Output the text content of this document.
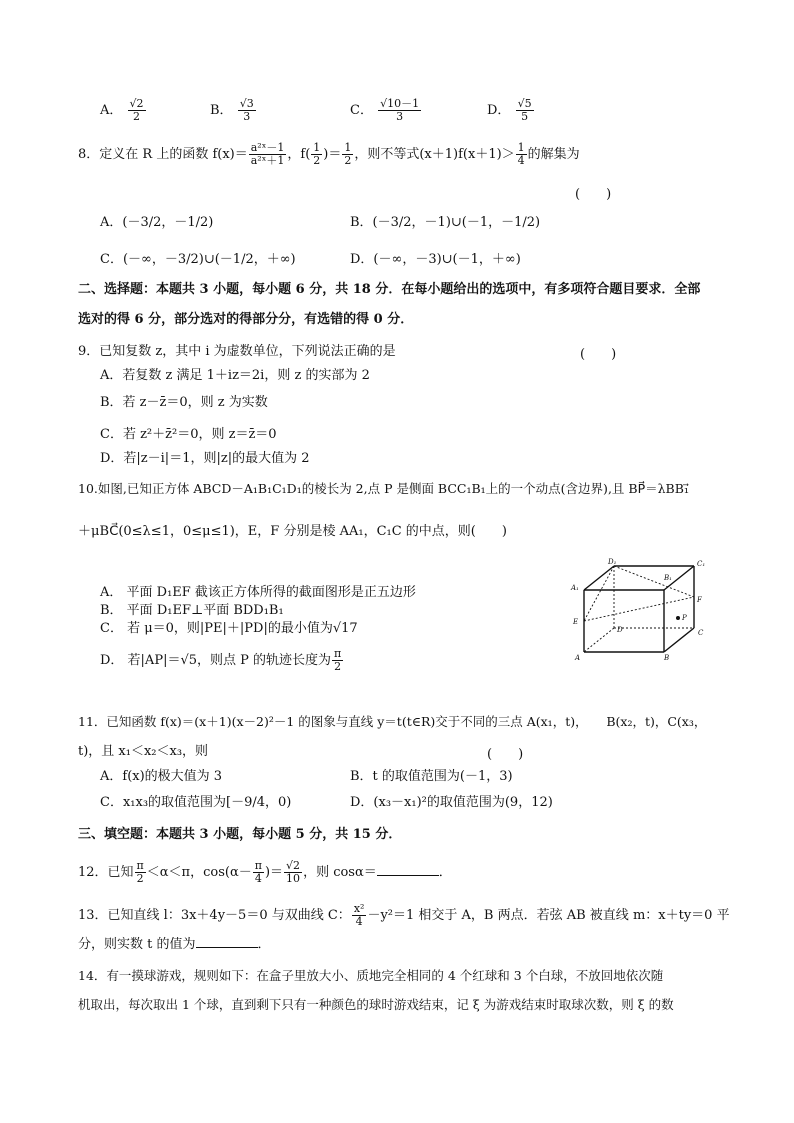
A． $\frac{√2}{2}$	B． $\frac{√3}{3}$	C． $\frac{√10-1}{3}$	D． $\frac{√5}{5}$
8．定义在 R 上的函数 $f(x)= \frac{\text{a²ˣ－1}}{\text{a²ˣ＋1}}$ ，$f( \frac{1}{2}$ )＝ $\frac{1}{2}$ ，则不等式$(x+1)f(x+1)> \frac{1}{4}$ 的解集为
(　　)
A．(－3/2，－1/2)	B．(－3/2，－1)∪(－1，－1/2)
C．(－∞，－3/2)∪(－1/2，＋∞)	D．(－∞，－3)∪(－1，＋∞)
二、选择题：本题共 3 小题，每小题 6 分，共 18 分．在每小题给出的选项中，有多项符合题目要求．全部
选对的得 6 分，部分选对的得部分分，有选错的得 0 分．
9．已知复数 z，其中 i 为虚数单位，下列说法正确的是	(　　)
A．若复数 z 满足 1＋iz＝2i，则 z 的实部为 2
B．若 z－z̄＝0，则 z 为实数
C．若 z²＋z̄²＝0，则 z＝z̄＝0
D．若|z－i|＝1，则|z|的最大值为 2
10.如图,已知正方体 ABCD－A₁B₁C₁D₁的棱长为 2,点 P 是侧面 BCC₁B₁上的一个动点(含边界),且 BP⃗＝λBB₁⃗
＋μBC⃗(0≤λ≤1，0≤μ≤1)，E，F 分别是棱 AA₁，C₁C 的中点，则(　　)
A． 平面 D₁EF 截该正方体所得的截面图形是正五边形
B． 平面 D₁EF⊥平面 BDD₁B₁
C． 若 μ＝0，则|PE|＋|PD|的最小值为√17
D． 若|AP|＝√5，则点 P 的轨迹长度为 $\frac{\pi}{2}$
D₁	C₁
A₁
B₁
F
E
D
P
C
A	B
11．已知函数 f(x)＝(x＋1)(x－2)²－1 的图象与直线 y＝t(t∈R)交于不同的三点 A(x₁，t)，　　B(x₂，t)，C(x₃，
t)，且 x₁＜x₂＜x₃，则	(　　)
A．f(x)的极大值为 3	B．t 的取值范围为(－1，3)
C．x₁x₃的取值范围为[－9/4，0)	D．(x₃－x₁)²的取值范围为(9，12)
三、填空题：本题共 3 小题，每小题 5 分，共 15 分．
12．已知 $\frac{\pi}{2} <\alpha<\pi$，$\cos(\alpha- \frac{\pi}{4}$ )＝ $\frac{√2}{10}$ ，则 cosα＝	．
13．已知直线 l：3x＋4y－5＝0 与双曲线 C： $\frac{\text{x²}}{4} -y^2=1$ 相交于 A，B 两点．若弦 AB 被直线 m：x＋ty＝0 平
分，则实数 t 的值为	．
14．有一摸球游戏，规则如下：在盒子里放大小、质地完全相同的 4 个红球和 3 个白球，不放回地依次随
机取出，每次取出 1 个球，直到剩下只有一种颜色的球时游戏结束，记 ξ 为游戏结束时取球次数，则 ξ 的数
